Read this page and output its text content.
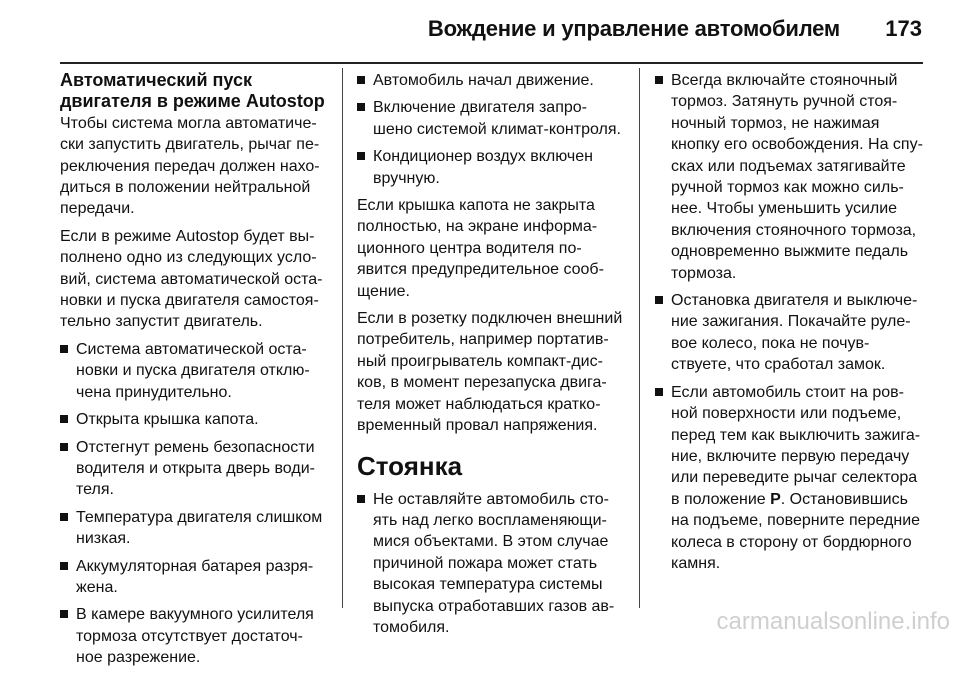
Вождение и управление автомобилем 173
Автоматический пуск
двигателя в режиме Autostop

Чтобы система могла автоматиче-
ски запустить двигатель, рычаг пе-
реключения передач должен нахо-
диться в положении нейтральной
передачи.

Если в режиме Autostop будет вы-
полнено одно из следующих усло-
вий, система автоматической оста-
новки и пуска двигателя самостоя-
тельно запустит двигатель.

Система автоматической оста-
новки и пуска двигателя отклю-
чена принудительно.
Открыта крышка капота.
Отстегнут ремень безопасности
водителя и открыта дверь води-
теля.
Температура двигателя слишком
низкая.
Аккумуляторная батарея разря-
жена.
В камере вакуумного усилителя
тормоза отсутствует достаточ-
ное разрежение.
Автомобиль начал движение.
Включение двигателя запро-
шено системой климат-контроля.
Кондиционер воздух включен
вручную.

Если крышка капота не закрыта
полностью, на экране информа-
ционного центра водителя по-
явится предупредительное сооб-
щение.

Если в розетку подключен внешний
потребитель, например портатив-
ный проигрыватель компакт-дис-
ков, в момент перезапуска двига-
теля может наблюдаться кратко-
временный провал напряжения.

Стоянка
Не оставляйте автомобиль сто-
ять над легко воспламеняющи-
мися объектами. В этом случае
причиной пожара может стать
высокая температура системы
выпуска отработавших газов ав-
томобиля.
Всегда включайте стояночный
тормоз. Затянуть ручной стоя-
ночный тормоз, не нажимая
кнопку его освобождения. На спу-
сках или подъемах затягивайте
ручной тормоз как можно силь-
нее. Чтобы уменьшить усилие
включения стояночного тормоза,
одновременно выжмите педаль
тормоза.
Остановка двигателя и выключе-
ние зажигания. Покачайте руле-
вое колесо, пока не почув-
ствуете, что сработал замок.
Если автомобиль стоит на ров-
ной поверхности или подъеме,
перед тем как выключить зажига-
ние, включите первую передачу
или переведите рычаг селектора
в положение P. Остановившись
на подъеме, поверните передние
колеса в сторону от бордюрного
камня.
carmanualsonline.info
